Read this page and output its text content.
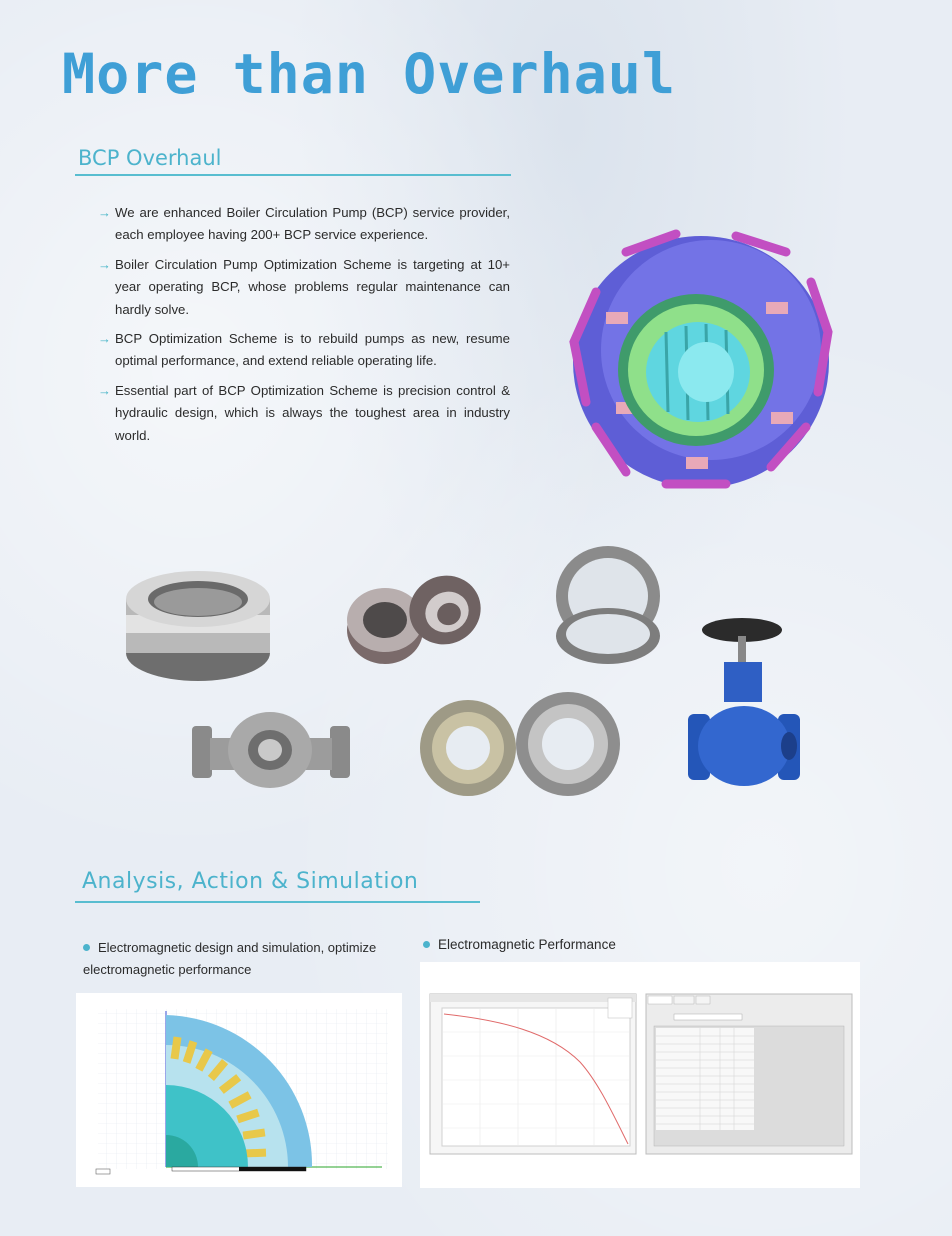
More than Overhaul
BCP Overhaul
→ We are enhanced Boiler Circulation Pump (BCP) service provider, each employee having 200+ BCP service experience.
→ Boiler Circulation Pump Optimization Scheme is targeting at 10+ year operating BCP, whose problems regular maintenance can hardly solve.
→ BCP Optimization Scheme is to rebuild pumps as new, resume optimal performance, and extend reliable operating life.
→ Essential part of BCP Optimization Scheme is precision control & hydraulic design, which is always the toughest area in industry world.
Analysis, Action & Simulation
Electromagnetic design and simulation, optimize electromagnetic performance
Electromagnetic Performance
